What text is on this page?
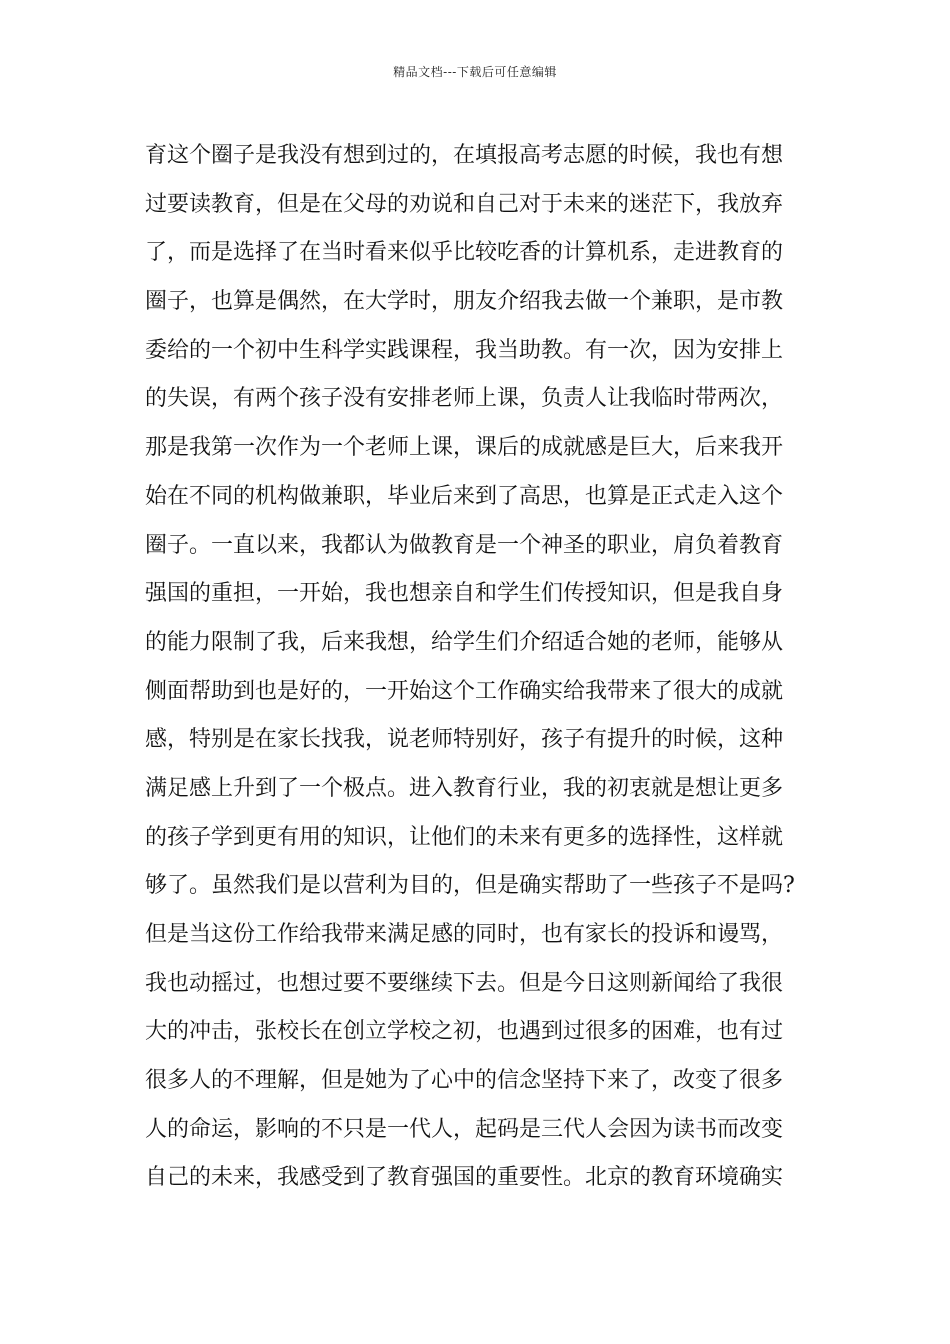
精品文档---下载后可任意编辑
育这个圈子是我没有想到过的，在填报高考志愿的时候，我也有想
过要读教育，但是在父母的劝说和自己对于未来的迷茫下，我放弃
了，而是选择了在当时看来似乎比较吃香的计算机系，走进教育的
圈子，也算是偶然，在大学时，朋友介绍我去做一个兼职，是市教
委给的一个初中生科学实践课程，我当助教。有一次，因为安排上
的失误，有两个孩子没有安排老师上课，负责人让我临时带两次，
那是我第一次作为一个老师上课，课后的成就感是巨大，后来我开
始在不同的机构做兼职，毕业后来到了高思，也算是正式走入这个
圈子。一直以来，我都认为做教育是一个神圣的职业，肩负着教育
强国的重担，一开始，我也想亲自和学生们传授知识，但是我自身
的能力限制了我，后来我想，给学生们介绍适合她的老师，能够从
侧面帮助到也是好的，一开始这个工作确实给我带来了很大的成就
感，特别是在家长找我，说老师特别好，孩子有提升的时候，这种
满足感上升到了一个极点。进入教育行业，我的初衷就是想让更多
的孩子学到更有用的知识，让他们的未来有更多的选择性，这样就
够了。虽然我们是以营利为目的，但是确实帮助了一些孩子不是吗?
但是当这份工作给我带来满足感的同时，也有家长的投诉和谩骂，
我也动摇过，也想过要不要继续下去。但是今日这则新闻给了我很
大的冲击，张校长在创立学校之初，也遇到过很多的困难，也有过
很多人的不理解，但是她为了心中的信念坚持下来了，改变了很多
人的命运，影响的不只是一代人，起码是三代人会因为读书而改变
自己的未来，我感受到了教育强国的重要性。北京的教育环境确实
